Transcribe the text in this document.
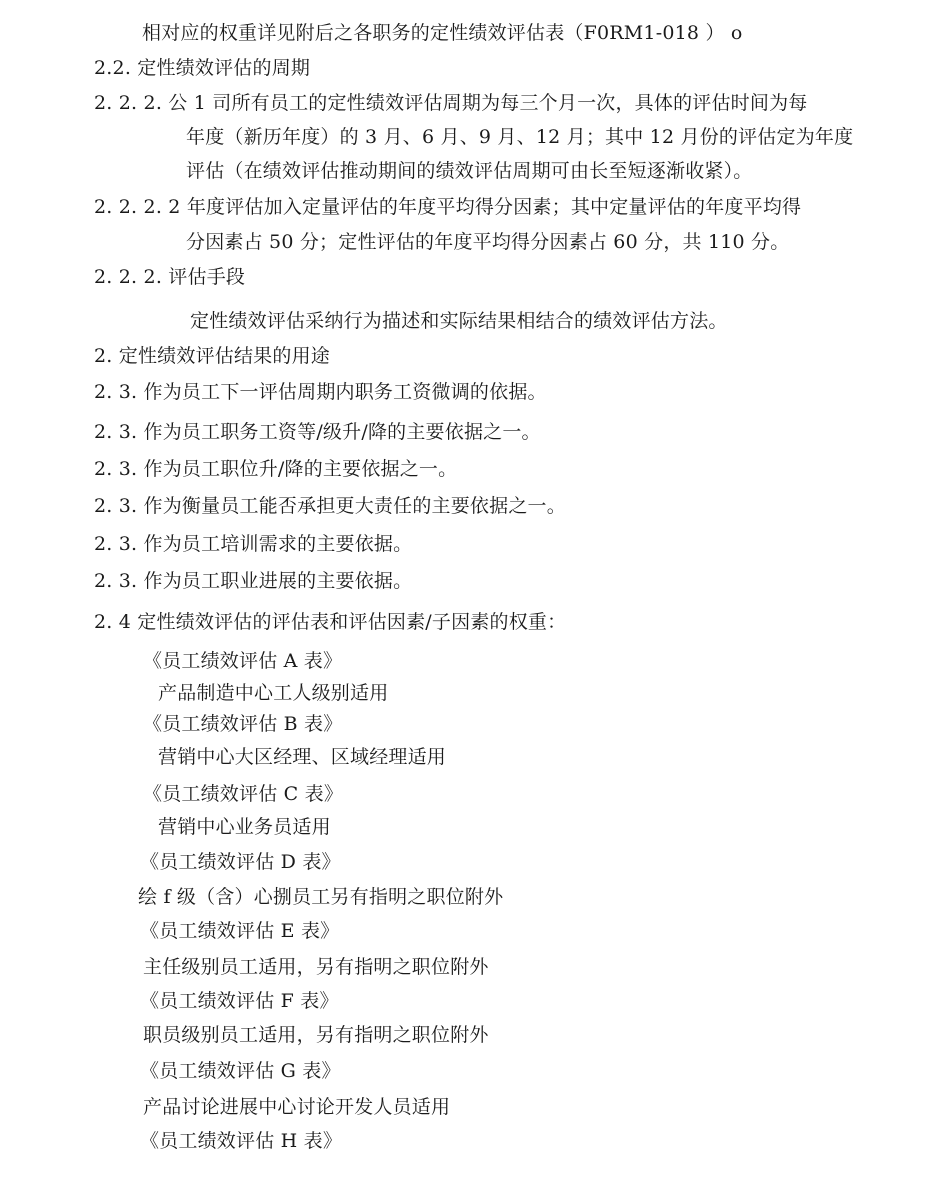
相对应的权重详见附后之各职务的定性绩效评估表（F0RM1-018 ） o
2.2. 定性绩效评估的周期
2. 2. 2. 公 1 司所有员工的定性绩效评估周期为每三个月一次，具体的评估时间为每
年度（新历年度）的 3 月、6 月、9 月、12 月；其中 12 月份的评估定为年度
评估（在绩效评估推动期间的绩效评估周期可由长至短逐渐收紧）。
2. 2. 2. 2 年度评估加入定量评估的年度平均得分因素；其中定量评估的年度平均得
分因素占 50 分；定性评估的年度平均得分因素占 60 分，共 110 分。
2. 2. 2. 评估手段
定性绩效评估采纳行为描述和实际结果相结合的绩效评估方法。
2. 定性绩效评估结果的用途
2. 3. 作为员工下一评估周期内职务工资微调的依据。
2. 3. 作为员工职务工资等/级升/降的主要依据之一。
2. 3. 作为员工职位升/降的主要依据之一。
2. 3. 作为衡量员工能否承担更大责任的主要依据之一。
2. 3. 作为员工培训需求的主要依据。
2. 3. 作为员工职业进展的主要依据。
2. 4 定性绩效评估的评估表和评估因素/子因素的权重：
《员工绩效评估 A 表》
产品制造中心工人级别适用
《员工绩效评估 B 表》
营销中心大区经理、区域经理适用
《员工绩效评估 C 表》
营销中心业务员适用
《员工绩效评估 D 表》
绘 f 级（含）心捌员工另有指明之职位附外
《员工绩效评估 E 表》
主任级别员工适用，另有指明之职位附外
《员工绩效评估 F 表》
职员级别员工适用，另有指明之职位附外
《员工绩效评估 G 表》
产品讨论进展中心讨论开发人员适用
《员工绩效评估 H 表》
